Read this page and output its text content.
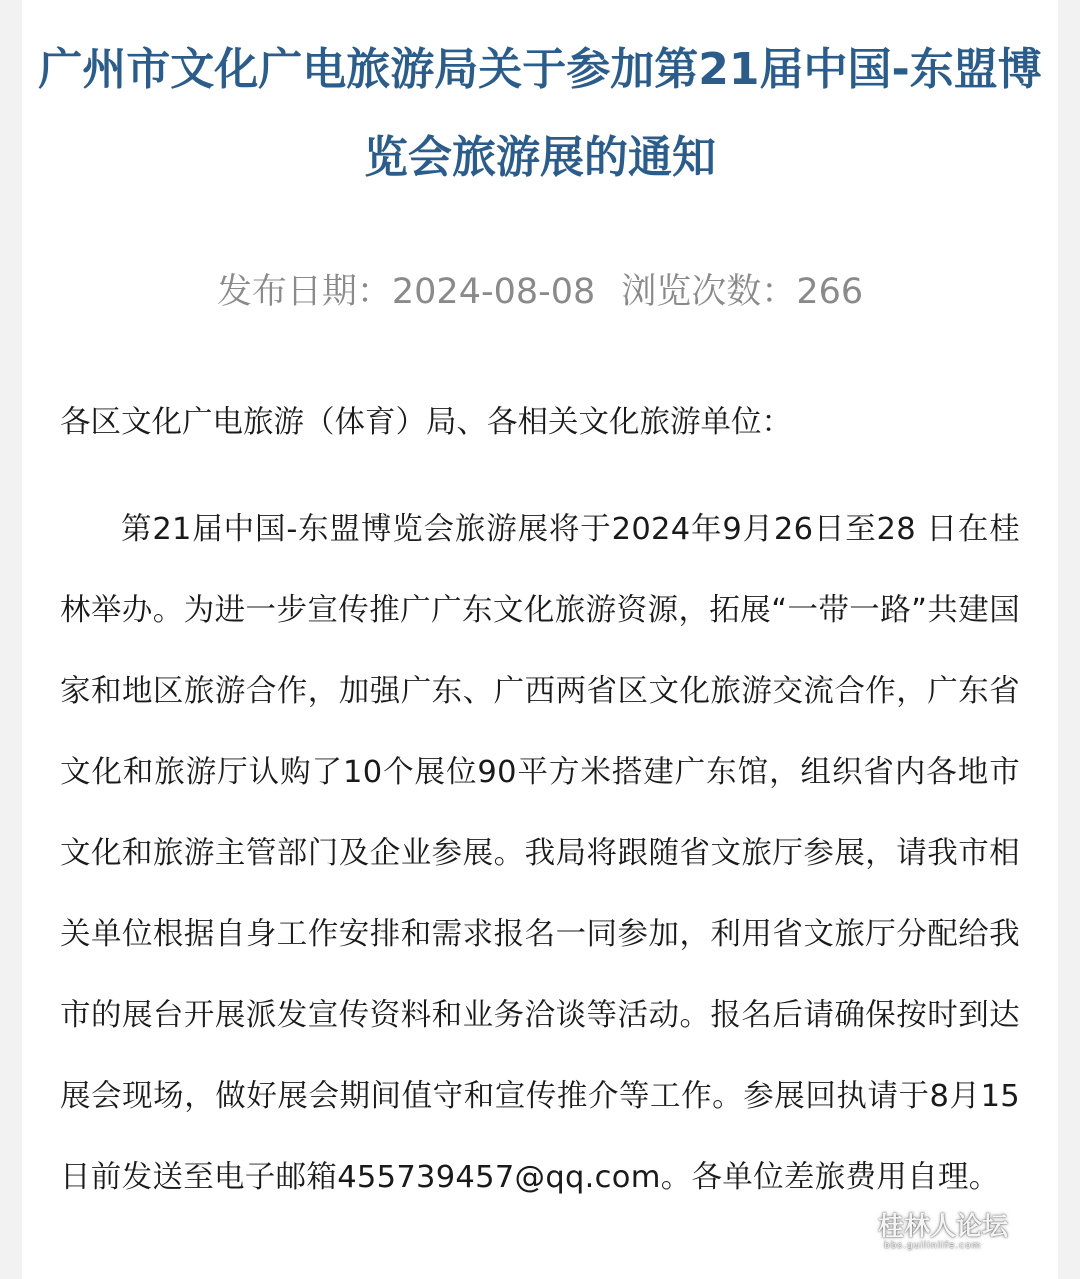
广州市文化广电旅游局关于参加第21届中国-东盟博览会旅游展的通知
发布日期：2024-08-08 浏览次数：266

各区文化广电旅游（体育）局、各相关文化旅游单位：

第21届中国-东盟博览会旅游展将于2024年9月26日至28 日在桂林举办。为进一步宣传推广广东文化旅游资源，拓展“一带一路”共建国家和地区旅游合作，加强广东、广西两省区文化旅游交流合作，广东省文化和旅游厅认购了10个展位90平方米搭建广东馆，组织省内各地市文化和旅游主管部门及企业参展。我局将跟随省文旅厅参展，请我市相关单位根据自身工作安排和需求报名一同参加，利用省文旅厅分配给我市的展台开展派发宣传资料和业务洽谈等活动。报名后请确保按时到达展会现场，做好展会期间值守和宣传推介等工作。参展回执请于8月15日前发送至电子邮箱455739457@qq.com。各单位差旅费用自理。

桂林人论坛
bbs.guilinlife.com
